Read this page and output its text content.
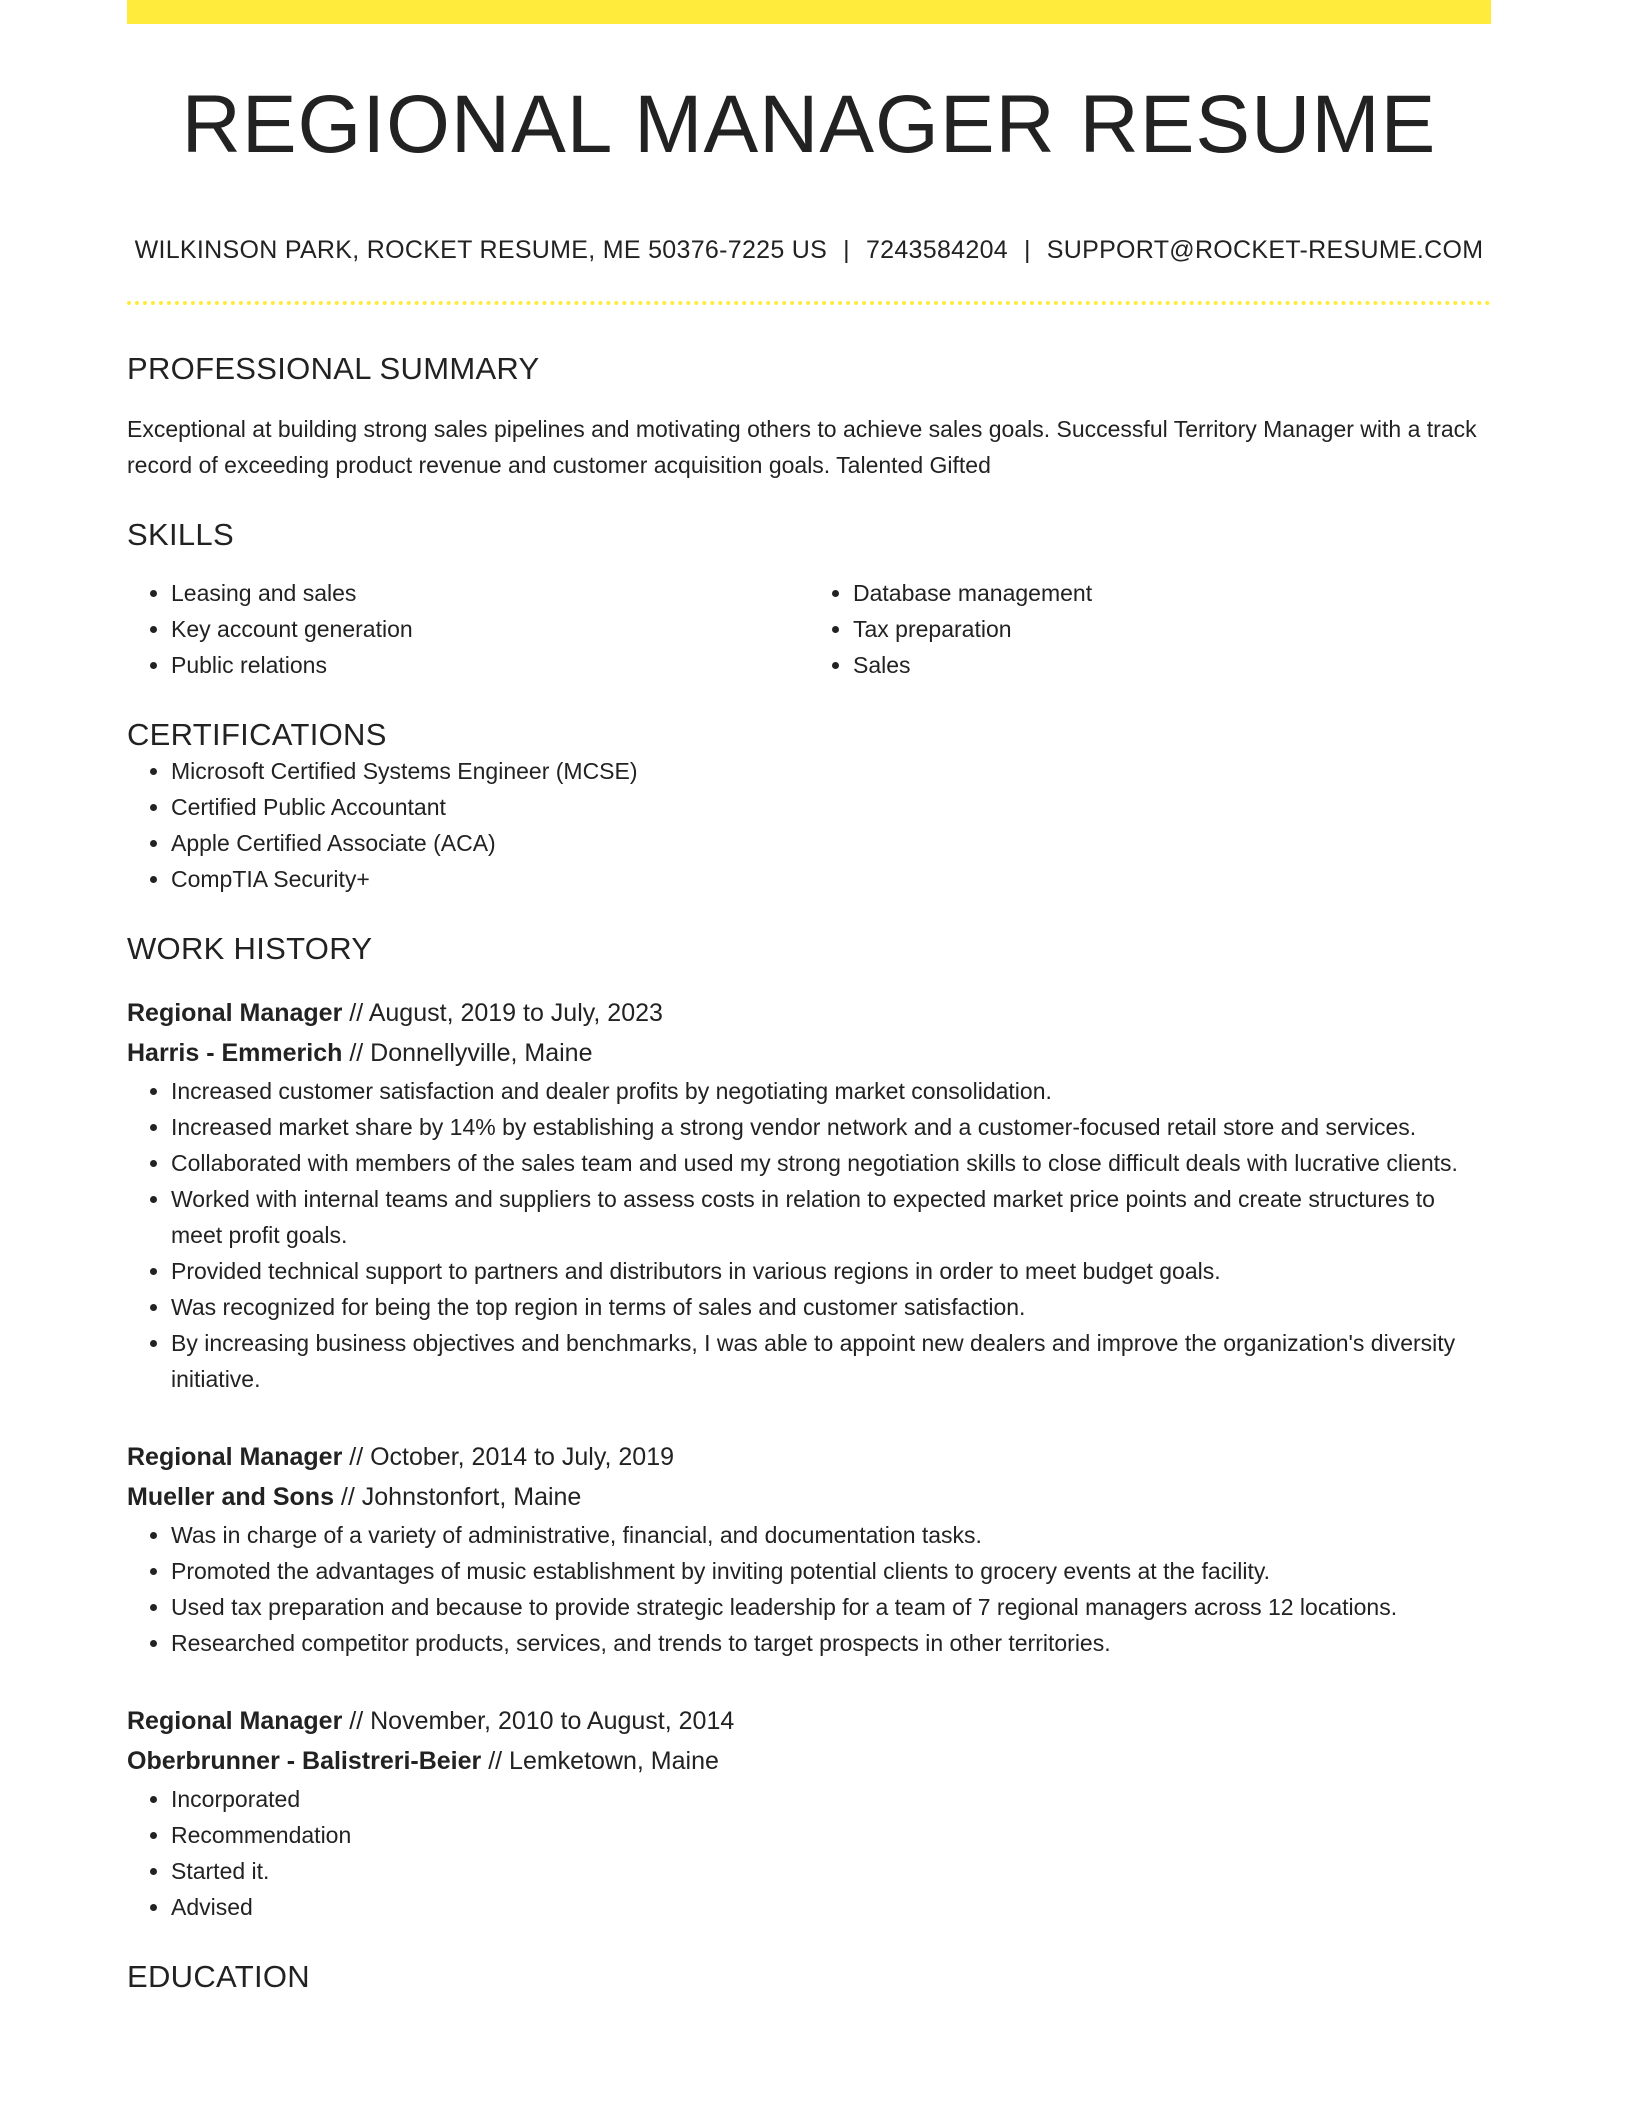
REGIONAL MANAGER RESUME
WILKINSON PARK, ROCKET RESUME, ME 50376-7225 US | 7243584204 | SUPPORT@ROCKET-RESUME.COM
PROFESSIONAL SUMMARY
Exceptional at building strong sales pipelines and motivating others to achieve sales goals. Successful Territory Manager with a track record of exceeding product revenue and customer acquisition goals. Talented Gifted
SKILLS
• Leasing and sales
• Key account generation
• Public relations
• Database management
• Tax preparation
• Sales
CERTIFICATIONS
• Microsoft Certified Systems Engineer (MCSE)
• Certified Public Accountant
• Apple Certified Associate (ACA)
• CompTIA Security+
WORK HISTORY
Regional Manager // August, 2019 to July, 2023
Harris - Emmerich // Donnellyville, Maine
• Increased customer satisfaction and dealer profits by negotiating market consolidation.
• Increased market share by 14% by establishing a strong vendor network and a customer-focused retail store and services.
• Collaborated with members of the sales team and used my strong negotiation skills to close difficult deals with lucrative clients.
• Worked with internal teams and suppliers to assess costs in relation to expected market price points and create structures to meet profit goals.
• Provided technical support to partners and distributors in various regions in order to meet budget goals.
• Was recognized for being the top region in terms of sales and customer satisfaction.
• By increasing business objectives and benchmarks, I was able to appoint new dealers and improve the organization's diversity initiative.
Regional Manager // October, 2014 to July, 2019
Mueller and Sons // Johnstonfort, Maine
• Was in charge of a variety of administrative, financial, and documentation tasks.
• Promoted the advantages of music establishment by inviting potential clients to grocery events at the facility.
• Used tax preparation and because to provide strategic leadership for a team of 7 regional managers across 12 locations.
• Researched competitor products, services, and trends to target prospects in other territories.
Regional Manager // November, 2010 to August, 2014
Oberbrunner - Balistreri-Beier // Lemketown, Maine
• Incorporated
• Recommendation
• Started it.
• Advised
EDUCATION
